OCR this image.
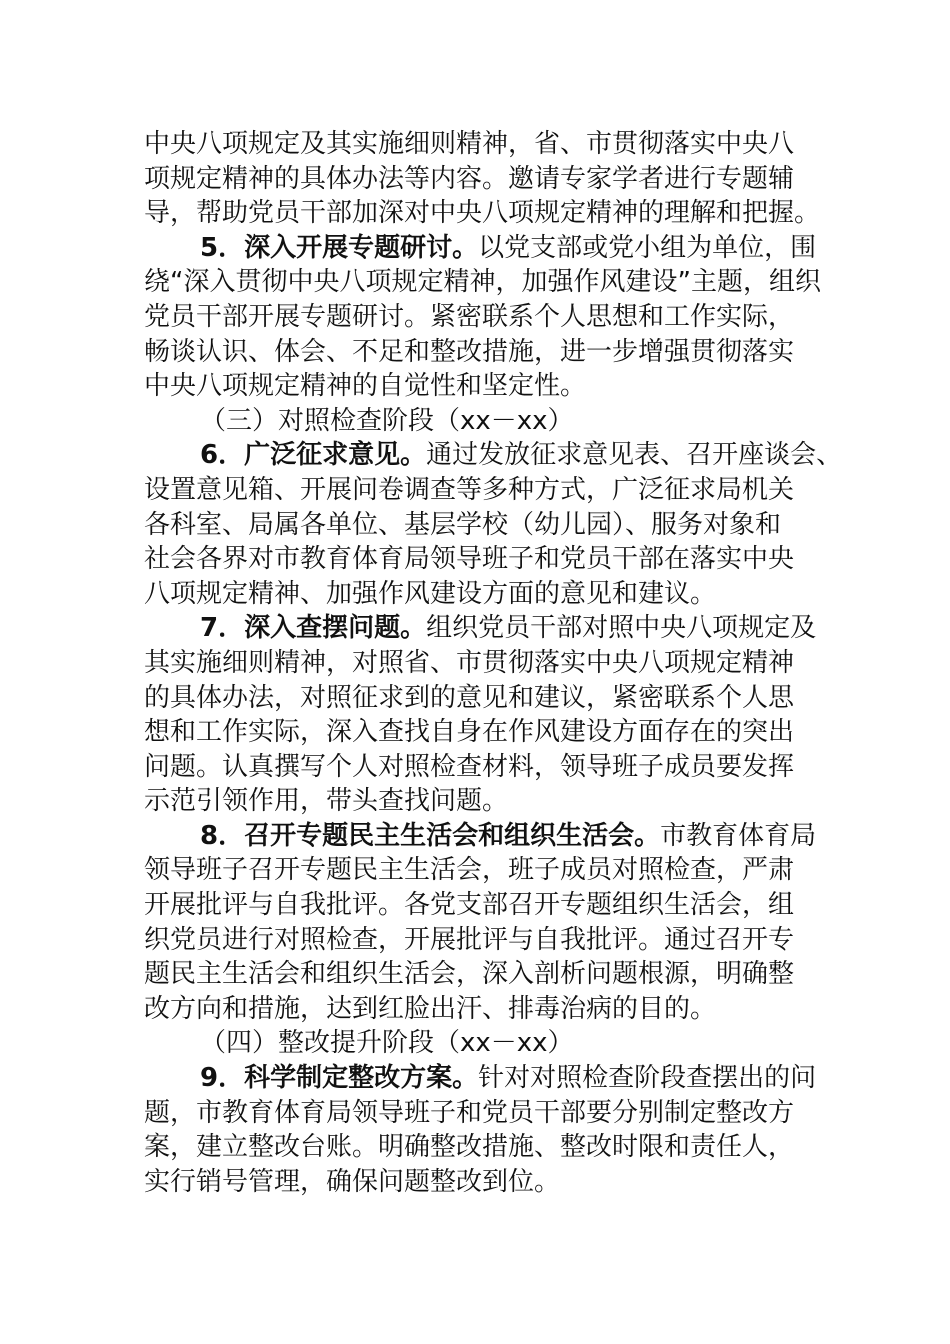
中央八项规定及其实施细则精神，省、市贯彻落实中央八
项规定精神的具体办法等内容。邀请专家学者进行专题辅
导，帮助党员干部加深对中央八项规定精神的理解和把握。
5．深入开展专题研讨。以党支部或党小组为单位，围
绕“深入贯彻中央八项规定精神，加强作风建设”主题，组织
党员干部开展专题研讨。紧密联系个人思想和工作实际，
畅谈认识、体会、不足和整改措施，进一步增强贯彻落实
中央八项规定精神的自觉性和坚定性。
（三）对照检查阶段（xx－xx）
6．广泛征求意见。通过发放征求意见表、召开座谈会、
设置意见箱、开展问卷调查等多种方式，广泛征求局机关
各科室、局属各单位、基层学校（幼儿园）、服务对象和
社会各界对市教育体育局领导班子和党员干部在落实中央
八项规定精神、加强作风建设方面的意见和建议。
7．深入查摆问题。组织党员干部对照中央八项规定及
其实施细则精神，对照省、市贯彻落实中央八项规定精神
的具体办法，对照征求到的意见和建议，紧密联系个人思
想和工作实际，深入查找自身在作风建设方面存在的突出
问题。认真撰写个人对照检查材料，领导班子成员要发挥
示范引领作用，带头查找问题。
8．召开专题民主生活会和组织生活会。市教育体育局
领导班子召开专题民主生活会，班子成员对照检查，严肃
开展批评与自我批评。各党支部召开专题组织生活会，组
织党员进行对照检查，开展批评与自我批评。通过召开专
题民主生活会和组织生活会，深入剖析问题根源，明确整
改方向和措施，达到红脸出汗、排毒治病的目的。
（四）整改提升阶段（xx－xx）
9．科学制定整改方案。针对对照检查阶段查摆出的问
题，市教育体育局领导班子和党员干部要分别制定整改方
案，建立整改台账。明确整改措施、整改时限和责任人，
实行销号管理，确保问题整改到位。
